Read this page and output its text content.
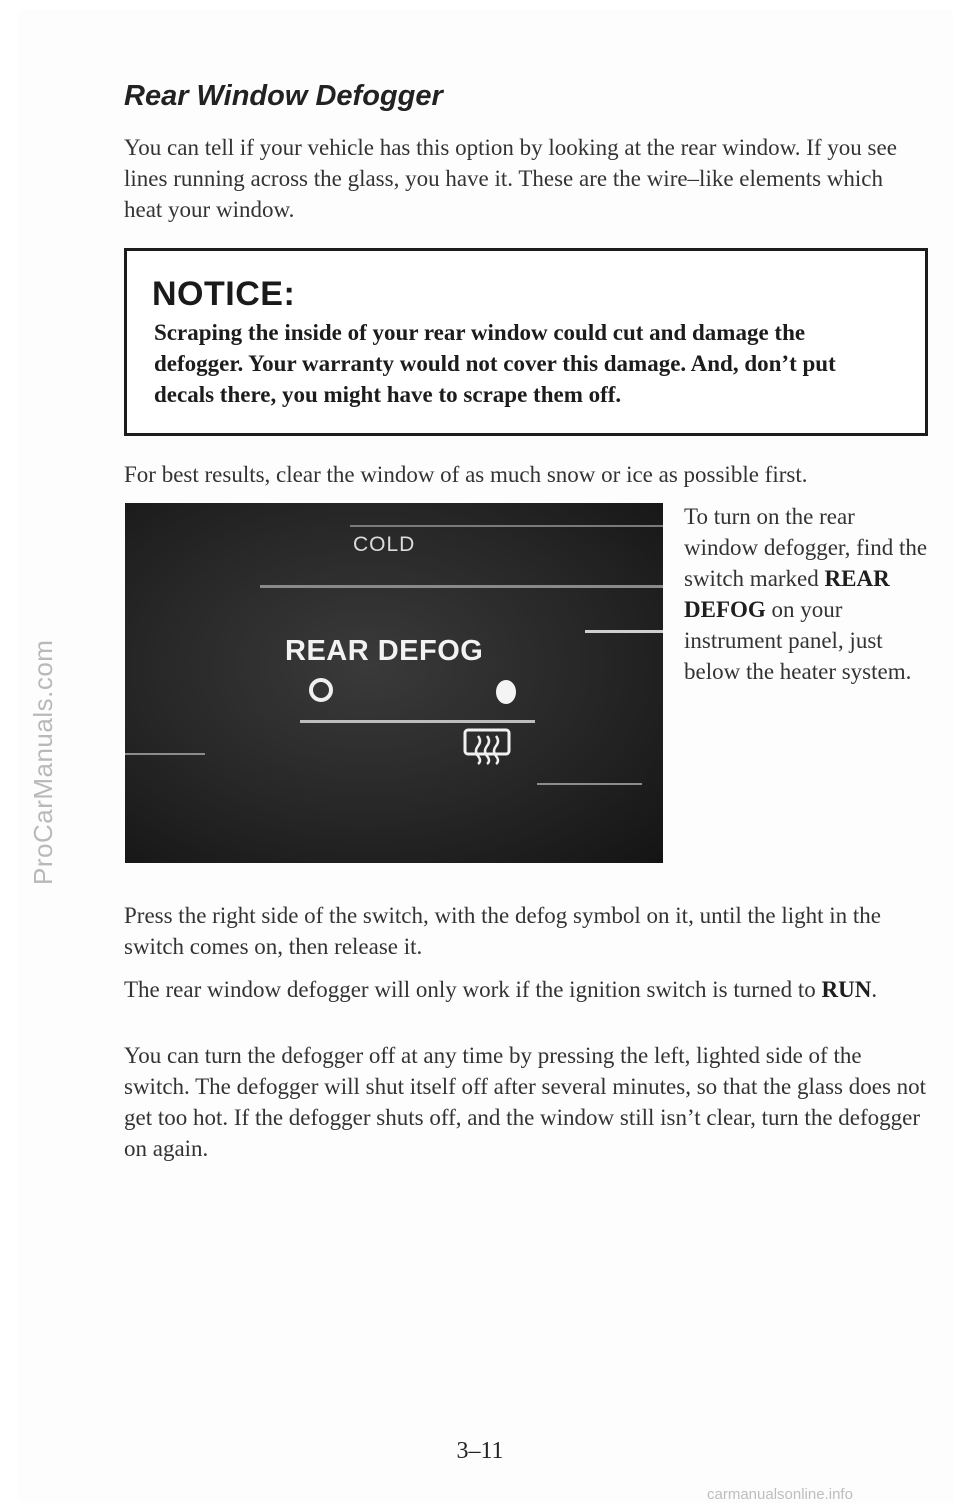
ProCarManuals.com
Rear Window Defogger

You can tell if your vehicle has this option by looking at the rear window. If you see lines running across the glass, you have it. These are the wire–like elements which heat your window.

NOTICE:

Scraping the inside of your rear window could cut and damage the defogger. Your warranty would not cover this damage. And, don’t put decals there, you might have to scrape them off.

For best results, clear the window of as much snow or ice as possible first.

COLD
REAR DEFOG

To turn on the rear window defogger, find the switch marked REAR DEFOG on your instrument panel, just below the heater system.

Press the right side of the switch, with the defog symbol on it, until the light in the switch comes on, then release it.

The rear window defogger will only work if the ignition switch is turned to RUN.

You can turn the defogger off at any time by pressing the left, lighted side of the switch. The defogger will shut itself off after several minutes, so that the glass does not get too hot. If the defogger shuts off, and the window still isn’t clear, turn the defogger on again.

3–11

carmanualsonline.info
